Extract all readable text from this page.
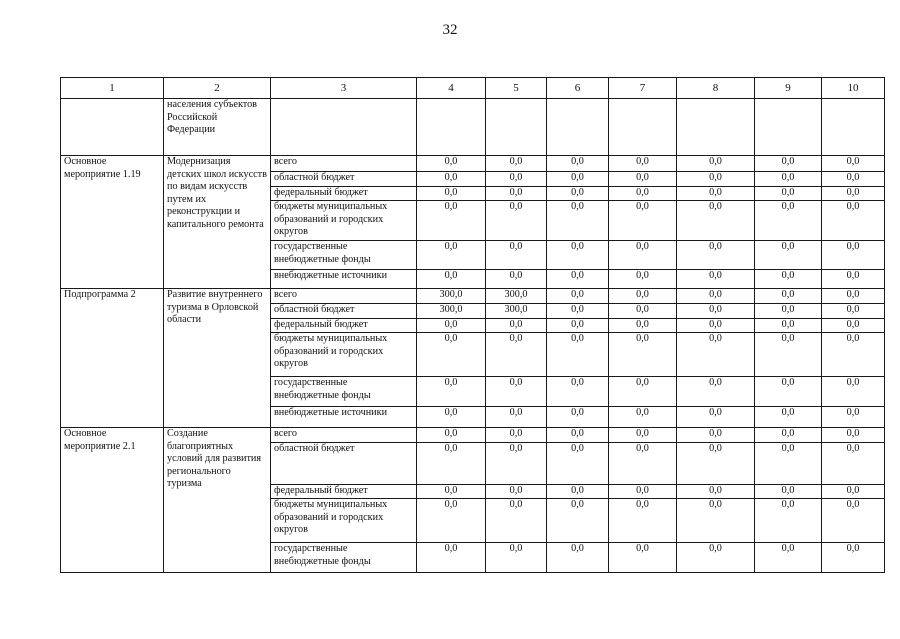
32
1	2	3	4	5	6	7	8	9	10
	населения субъектов Российской Федерации								
Основное мероприятие 1.19	Модернизация детских школ искусств по видам искусств путем их реконструкции и капитального ремонта	всего	0,0	0,0	0,0	0,0	0,0	0,0	0,0
		областной бюджет	0,0	0,0	0,0	0,0	0,0	0,0	0,0
		федеральный бюджет	0,0	0,0	0,0	0,0	0,0	0,0	0,0
		бюджеты муниципальных образований и городских округов	0,0	0,0	0,0	0,0	0,0	0,0	0,0
		государственные внебюджетные фонды	0,0	0,0	0,0	0,0	0,0	0,0	0,0
		внебюджетные источники	0,0	0,0	0,0	0,0	0,0	0,0	0,0
Подпрограмма 2	Развитие внутреннего туризма в Орловской области	всего	300,0	300,0	0,0	0,0	0,0	0,0	0,0
		областной бюджет	300,0	300,0	0,0	0,0	0,0	0,0	0,0
		федеральный бюджет	0,0	0,0	0,0	0,0	0,0	0,0	0,0
		бюджеты муниципальных образований и городских округов	0,0	0,0	0,0	0,0	0,0	0,0	0,0
		государственные внебюджетные фонды	0,0	0,0	0,0	0,0	0,0	0,0	0,0
		внебюджетные источники	0,0	0,0	0,0	0,0	0,0	0,0	0,0
Основное мероприятие 2.1	Создание благоприятных условий для развития регионального туризма	всего	0,0	0,0	0,0	0,0	0,0	0,0	0,0
		областной бюджет	0,0	0,0	0,0	0,0	0,0	0,0	0,0
		федеральный бюджет	0,0	0,0	0,0	0,0	0,0	0,0	0,0
		бюджеты муниципальных образований и городских округов	0,0	0,0	0,0	0,0	0,0	0,0	0,0
		государственные внебюджетные фонды	0,0	0,0	0,0	0,0	0,0	0,0	0,0
